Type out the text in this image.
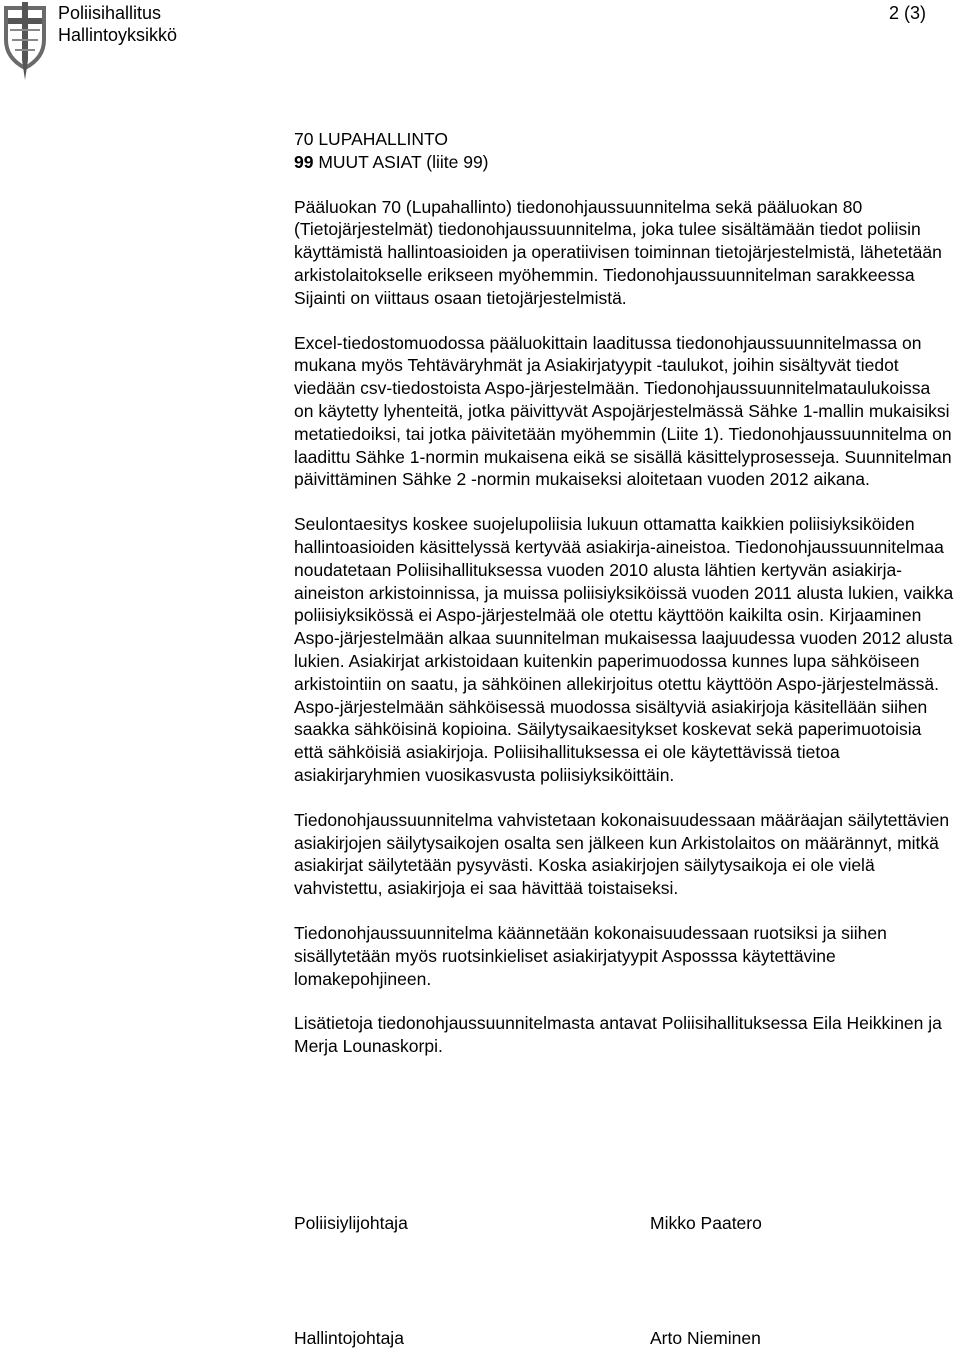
Poliisihallitus
Hallintoyksikkö
2 (3)
70 LUPAHALLINTO
99 MUUT ASIAT (liite 99)

Pääluokan 70 (Lupahallinto) tiedonohjaussuunnitelma sekä pääluokan 80 (Tietojärjestelmät) tiedonohjaussuunnitelma, joka tulee sisältämään tiedot poliisin käyttämistä hallintoasioiden ja operatiivisen toiminnan tietojärjestelmistä, lähetetään arkistolaitokselle erikseen myöhemmin. Tiedonohjaussuunnitelman sarakkeessa Sijainti on viittaus osaan tietojärjestelmistä.

Excel-tiedostomuodossa pääluokittain laaditussa tiedonohjaussuunnitelmassa on mukana myös Tehtäväryhmät ja Asiakirjatyypit -taulukot, joihin sisältyvät tiedot viedään csv-tiedostoista Aspo-järjestelmään. Tiedonohjaussuunnitelmataulukoissa on käytetty lyhenteitä, jotka päivittyvät Aspojärjestelmässä Sähke 1-mallin mukaisiksi metatiedoiksi, tai jotka päivitetään myöhemmin (Liite 1). Tiedonohjaussuunnitelma on laadittu Sähke 1-normin mukaisena eikä se sisällä käsittelyprosesseja. Suunnitelman päivittäminen Sähke 2 -normin mukaiseksi aloitetaan vuoden 2012 aikana.

Seulontaesitys koskee suojelupoliisia lukuun ottamatta kaikkien poliisiyksiköiden hallintoasioiden käsittelyssä kertyvää asiakirja-aineistoa. Tiedonohjaussuunnitelmaa noudatetaan Poliisihallituksessa vuoden 2010 alusta lähtien kertyvän asiakirja-aineiston arkistoinnissa, ja muissa poliisiyksiköissä vuoden 2011 alusta lukien, vaikka poliisiyksikössä ei Aspo-järjestelmää ole otettu käyttöön kaikilta osin. Kirjaaminen Aspo-järjestelmään alkaa suunnitelman mukaisessa laajuudessa vuoden 2012 alusta lukien. Asiakirjat arkistoidaan kuitenkin paperimuodossa kunnes lupa sähköiseen arkistointiin on saatu, ja sähköinen allekirjoitus otettu käyttöön Aspo-järjestelmässä. Aspo-järjestelmään sähköisessä muodossa sisältyviä asiakirjoja käsitellään siihen saakka sähköisinä kopioina. Säilytysaikaesitykset koskevat sekä paperimuotoisia että sähköisiä asiakirjoja. Poliisihallituksessa ei ole käytettävissä tietoa asiakirjaryhmien vuosikasvusta poliisiyksiköittäin.

Tiedonohjaussuunnitelma vahvistetaan kokonaisuudessaan määräajan säilytettävien asiakirjojen säilytysaikojen osalta sen jälkeen kun Arkistolaitos on määrännyt, mitkä asiakirjat säilytetään pysyvästi. Koska asiakirjojen säilytysaikoja ei ole vielä vahvistettu, asiakirjoja ei saa hävittää toistaiseksi.

Tiedonohjaussuunnitelma käännetään kokonaisuudessaan ruotsiksi ja siihen sisällytetään myös ruotsinkieliset asiakirjatyypit Asposssa käytettävine lomakepohjineen.

Lisätietoja tiedonohjaussuunnitelmasta antavat Poliisihallituksessa Eila Heikkinen ja Merja Lounaskorpi.

Poliisiylijohtaja	Mikko Paatero
Hallintojohtaja	Arto Nieminen
